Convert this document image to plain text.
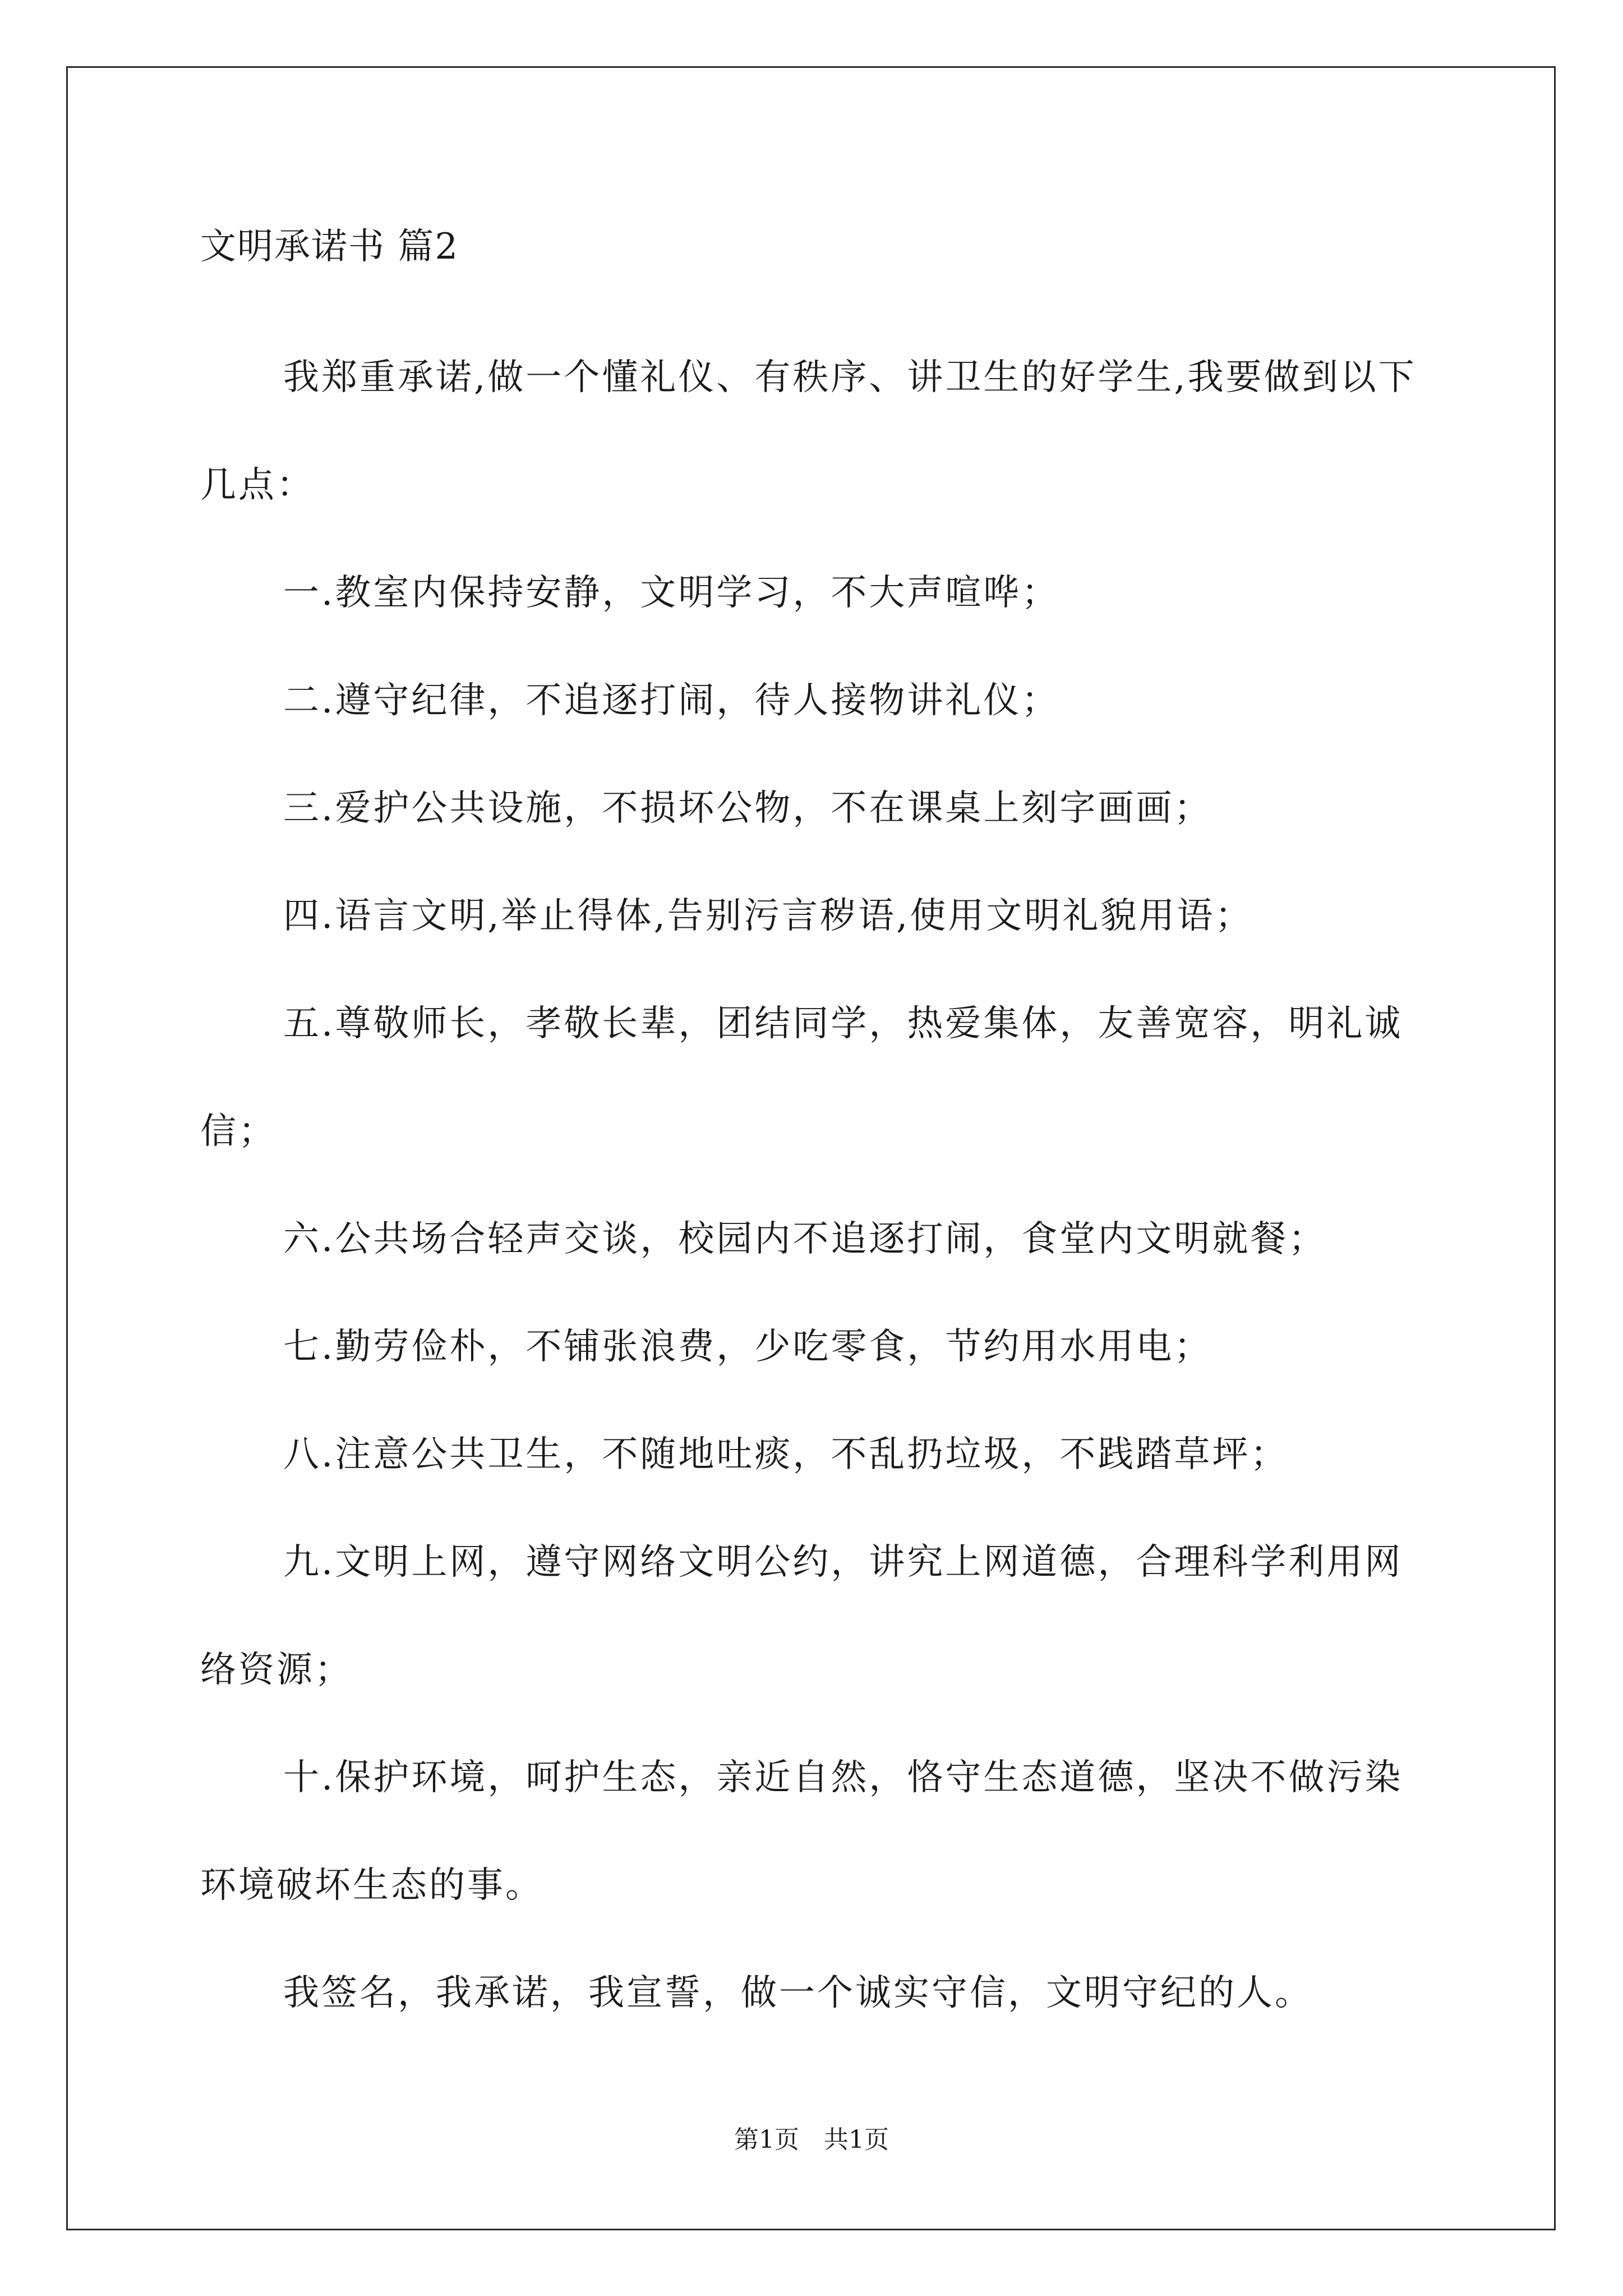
文明承诺书 篇2

我郑重承诺,做一个懂礼仪、有秩序、讲卫生的好学生,我要做到以下几点：

一.教室内保持安静，文明学习，不大声喧哗；

二.遵守纪律，不追逐打闹，待人接物讲礼仪；

三.爱护公共设施，不损坏公物，不在课桌上刻字画画；

四.语言文明,举止得体,告别污言秽语,使用文明礼貌用语；

五.尊敬师长，孝敬长辈，团结同学，热爱集体，友善宽容，明礼诚信；

六.公共场合轻声交谈，校园内不追逐打闹，食堂内文明就餐；

七.勤劳俭朴，不铺张浪费，少吃零食，节约用水用电；

八.注意公共卫生，不随地吐痰，不乱扔垃圾，不践踏草坪；

九.文明上网，遵守网络文明公约，讲究上网道德，合理科学利用网络资源；

十.保护环境，呵护生态，亲近自然，恪守生态道德，坚决不做污染环境破坏生态的事。

我签名，我承诺，我宣誓，做一个诚实守信，文明守纪的人。

第1页　共1页
